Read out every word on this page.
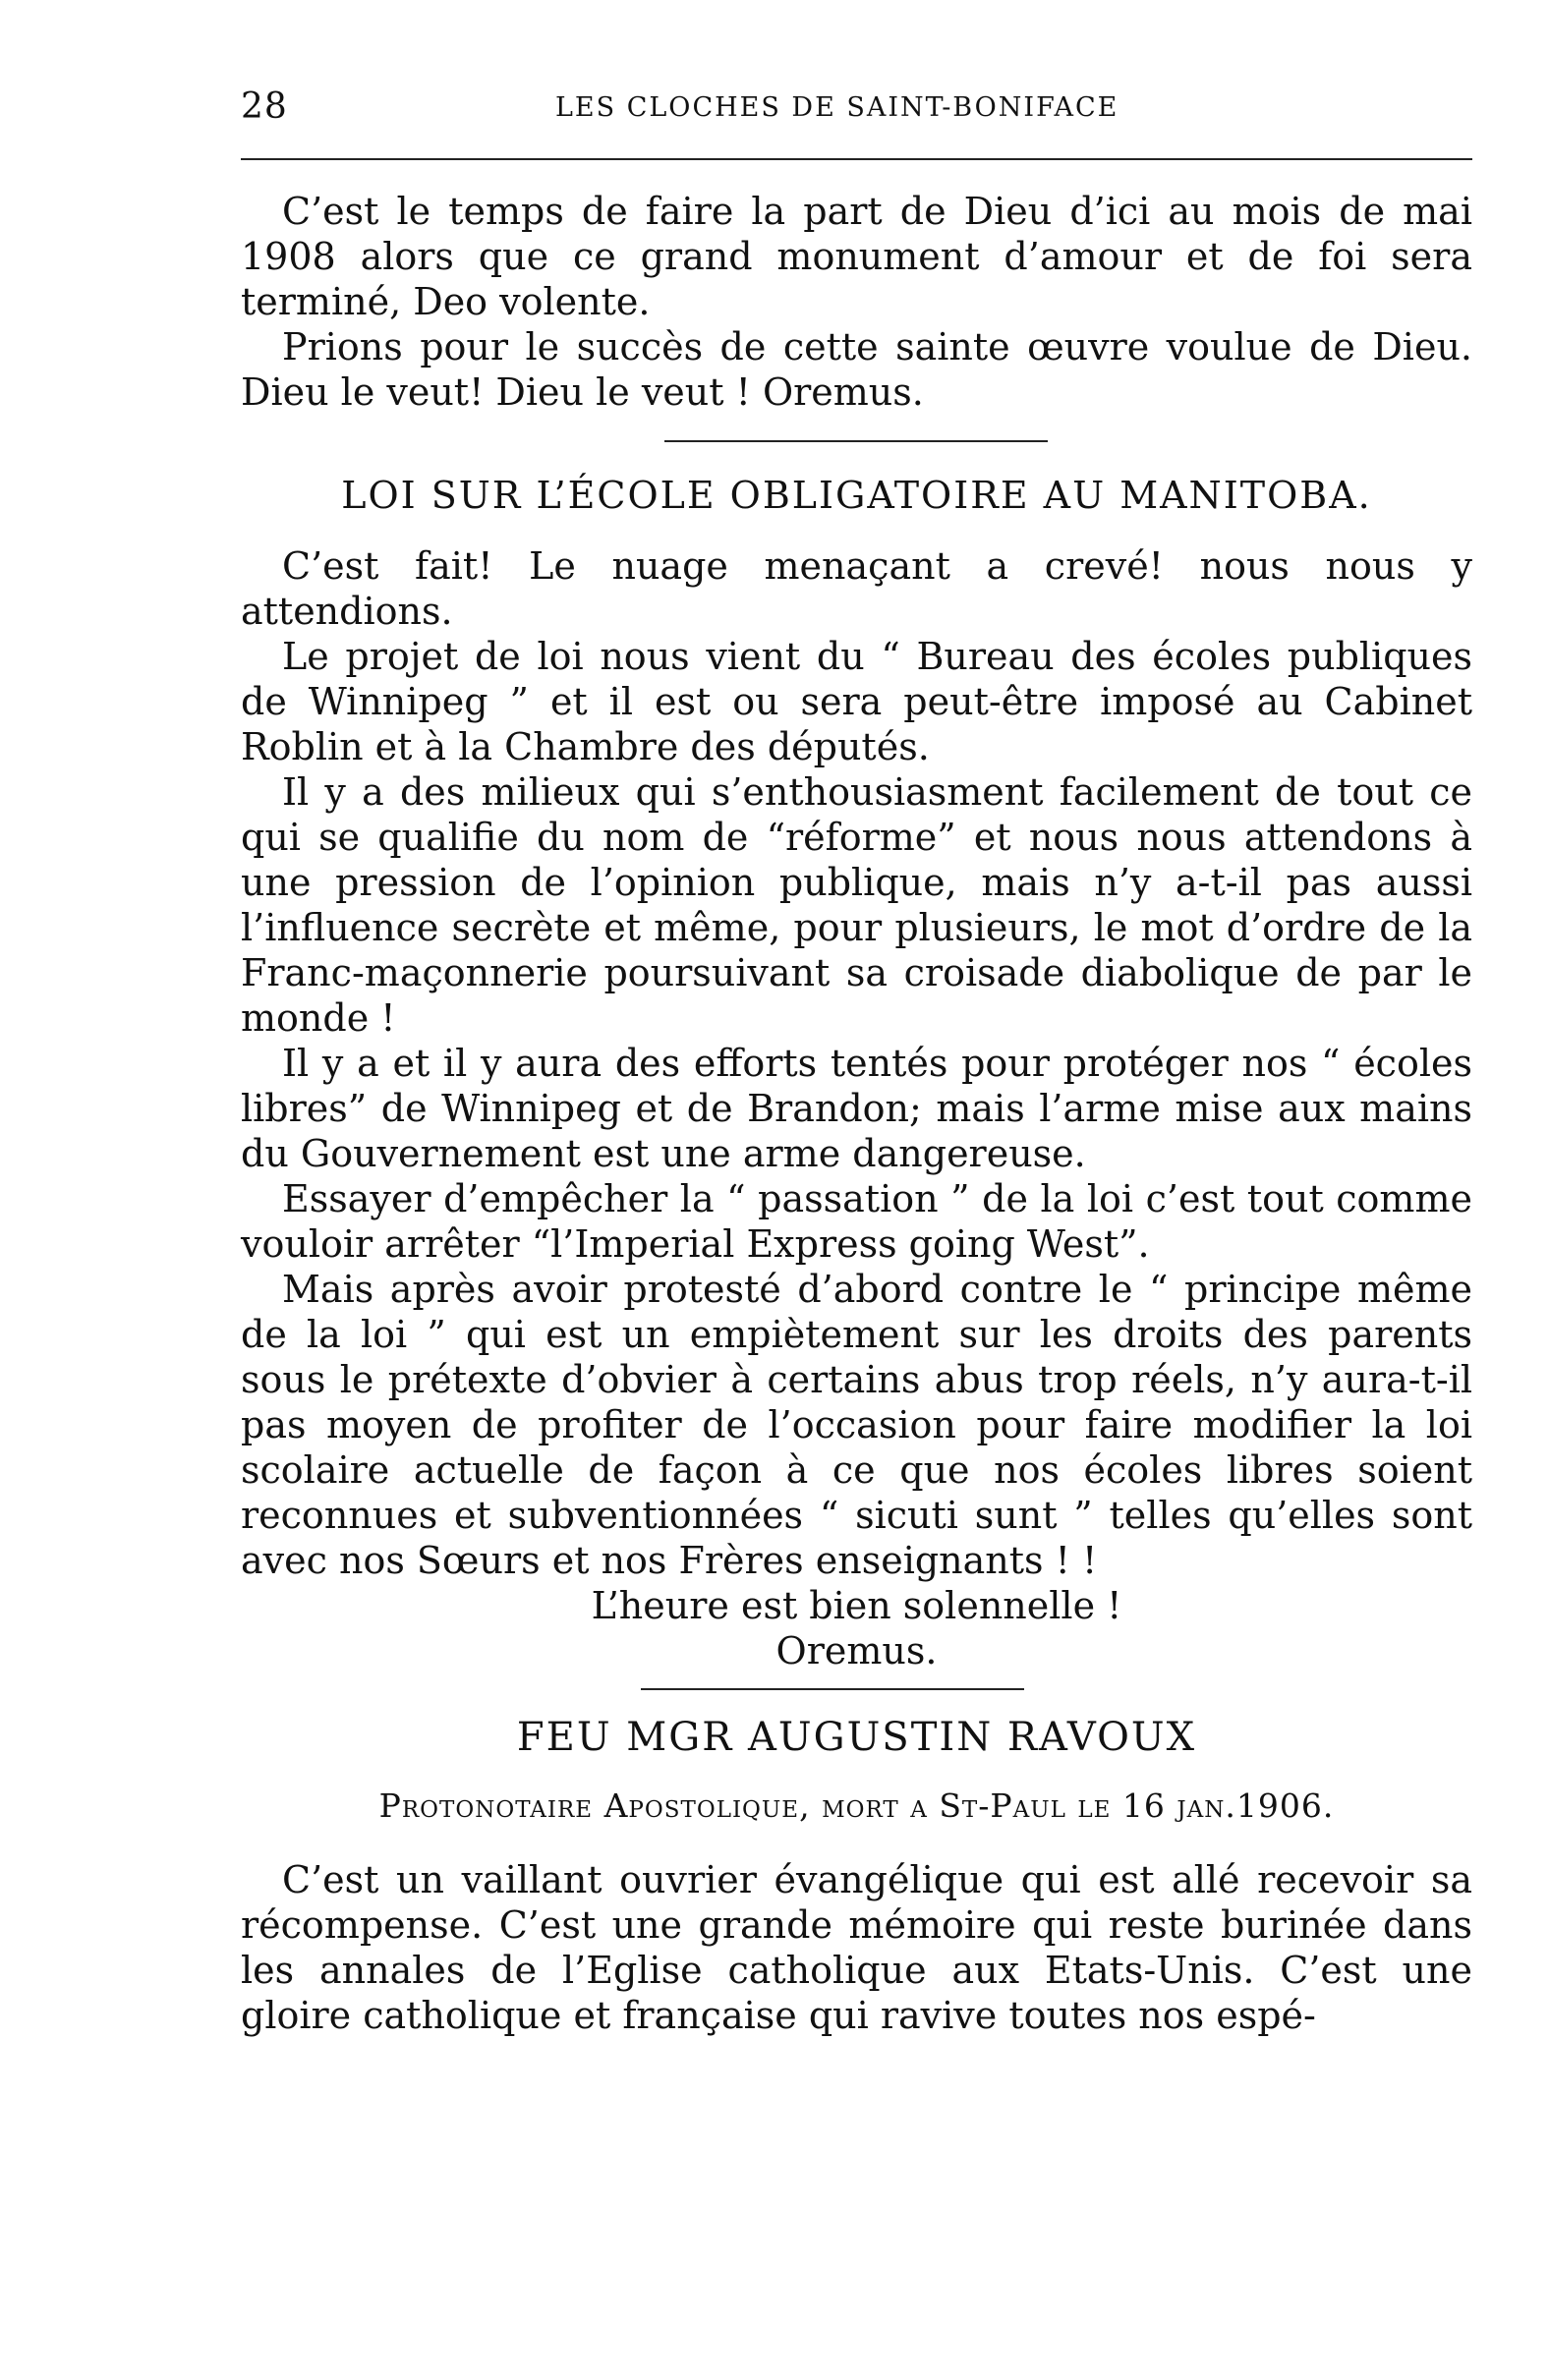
28	LES CLOCHES DE SAINT-BONIFACE

C’est le temps de faire la part de Dieu d’ici au mois de mai 1908 alors que ce grand monument d’amour et de foi sera terminé, Deo volente.

Prions pour le succès de cette sainte œuvre voulue de Dieu. Dieu le veut! Dieu le veut ! Oremus.

LOI SUR L’ÉCOLE OBLIGATOIRE AU MANITOBA.

C’est fait! Le nuage menaçant a crevé! nous nous y attendions.

Le projet de loi nous vient du “ Bureau des écoles publiques de Winnipeg ” et il est ou sera peut-être imposé au Cabinet Roblin et à la Chambre des députés.

Il y a des milieux qui s’enthousiasment facilement de tout ce qui se qualifie du nom de “réforme” et nous nous attendons à une pression de l’opinion publique, mais n’y a-t-il pas aussi l’influence secrète et même, pour plusieurs, le mot d’ordre de la Franc-maçonnerie poursuivant sa croisade diabolique de par le monde !

Il y a et il y aura des efforts tentés pour protéger nos “ écoles libres” de Winnipeg et de Brandon; mais l’arme mise aux mains du Gouvernement est une arme dangereuse.

Essayer d’empêcher la “ passation ” de la loi c’est tout comme vouloir arrêter “l’Imperial Express going West”.

Mais après avoir protesté d’abord contre le “ principe même de la loi ” qui est un empiètement sur les droits des parents sous le prétexte d’obvier à certains abus trop réels, n’y aura-t-il pas moyen de profiter de l’occasion pour faire modifier la loi scolaire actuelle de façon à ce que nos écoles libres soient reconnues et subventionnées “ sicuti sunt ” telles qu’elles sont avec nos Sœurs et nos Frères enseignants ! !

L’heure est bien solennelle !

Oremus.

FEU MGR AUGUSTIN RAVOUX

Protonotaire Apostolique, mort a St-Paul le 16 jan.1906.

C’est un vaillant ouvrier évangélique qui est allé recevoir sa récompense. C’est une grande mémoire qui reste burinée dans les annales de l’Eglise catholique aux Etats-Unis. C’est une gloire catholique et française qui ravive toutes nos espé-
